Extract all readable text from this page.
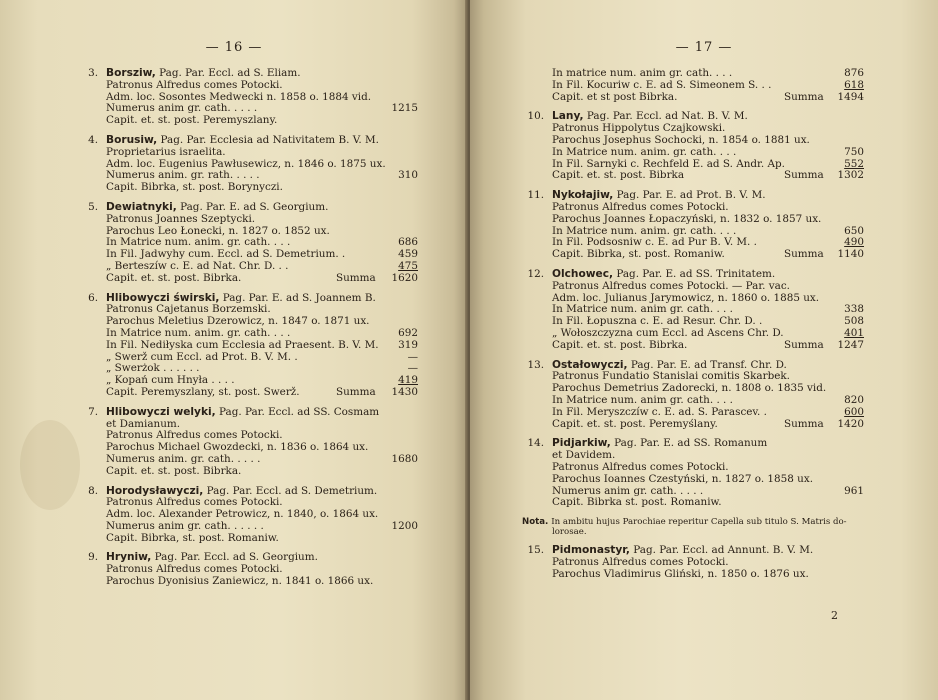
— 16 —
3. Borsziw, Pag. Par. Eccl. ad S. Eliam.
Patronus Alfredus comes Potocki.
Adm. loc. Sosontes Medwecki n. 1858 o. 1884 vid.
Numerus anim gr. cath. . . . .	1215
Capit. et. st. post. Peremyszlany.
4. Borusiw, Pag. Par. Ecclesia ad Nativitatem B. V. M.
Proprietarius israelita.
Adm. loc. Eugenius Pawłusewicz, n. 1846 o. 1875 ux.
Numerus anim. gr. rath. . . . .	310
Capit. Bibrka, st. post. Borynyczi.
5. Dewiatnyki, Pag. Par. E. ad S. Georgium.
Patronus Joannes Szeptycki.
Parochus Leo Łonecki, n. 1827 o. 1852 ux.
In Matrice num. anim. gr. cath. . . .	686
In Fil. Jadwyhy cum. Eccl. ad S. Demetrium. .	459
„ Berteszíw c. E. ad Nat. Chr. D. . .	475
Capit. et. st. post. Bibrka.	Summa	1620
6. Hlibowyczi świrski, Pag. Par. E. ad S. Joannem B.
Patronus Cajetanus Borzemski.
Parochus Meletius Dzerowicz, n. 1847 o. 1871 ux.
In Matrice num. anim. gr. cath. . . .	692
In Fil. Nediłyska cum Ecclesia ad Praesent. B. V. M.	319
„ Swerž cum Eccl. ad Prot. B. V. M. .	—
„ Swerżok . . . . . .	—
„ Kopań cum Hnyła . . . .	419
Capit. Peremyszlany, st. post. Swerž.	Summa	1430
7. Hlibowyczi welyki, Pag. Par. Eccl. ad SS. Cosmam
et Damianum.
Patronus Alfredus comes Potocki.
Parochus Michael Gwozdecki, n. 1836 o. 1864 ux.
Numerus anim. gr. cath. . . . .	1680
Capit. et. st. post. Bibrka.
8. Horodysławyczi, Pag. Par. Eccl. ad S. Demetrium.
Patronus Alfredus comes Potocki.
Adm. loc. Alexander Petrowicz, n. 1840, o. 1864 ux.
Numerus anim gr. cath. . . . . .	1200
Capit. Bibrka, st. post. Romaniw.
9. Hryniw, Pag. Par. Eccl. ad S. Georgium.
Patronus Alfredus comes Potocki.
Parochus Dyonisius Zaniewicz, n. 1841 o. 1866 ux.
— 17 —
In matrice num. anim gr. cath. . . .	876
In Fil. Kocuriw c. E. ad S. Simeonem S. . .	618
Capit. et st post Bibrka.	Summa	1494
10. Lany, Pag. Par. Eccl. ad Nat. B. V. M.
Patronus Hippolytus Czajkowski.
Parochus Josephus Sochocki, n. 1854 o. 1881 ux.
In Matrice num. anim. gr. cath. . . .	750
In Fil. Sarnyki c. Rechfeld E. ad S. Andr. Ap.	552
Capit. et. st. post. Bibrka	Summa	1302
11. Nykołajiw, Pag. Par. E. ad Prot. B. V. M.
Patronus Alfredus comes Potocki.
Parochus Joannes Łopaczyński, n. 1832 o. 1857 ux.
In Matrice num. anim. gr. cath. . . .	650
In Fil. Podsosniw c. E. ad Pur B. V. M. .	490
Capit. Bibrka, st. post. Romaniw.	Summa	1140
12. Olchowec, Pag. Par. E. ad SS. Trinitatem.
Patronus Alfredus comes Potocki. — Par. vac.
Adm. loc. Julianus Jarymowicz, n. 1860 o. 1885 ux.
In Matrice num. anim gr. cath. . . .	338
In Fil. Łopuszna c. E. ad Resur. Chr. D. .	508
„ Wołoszczyzna cum Eccl. ad Ascens Chr. D.	401
Capit. et. st. post. Bibrka.	Summa	1247
13. Ostałowyczi, Pag. Par. E. ad Transf. Chr. D.
Patronus Fundatio Stanislai comitis Skarbek.
Parochus Demetrius Zadorecki, n. 1808 o. 1835 vid.
In Matrice num. anim gr. cath. . . .	820
In Fil. Meryszczíw c. E. ad. S. Parascev. .	600
Capit. et. st. post. Peremyślany.	Summa	1420
14. Pidjarkiw, Pag. Par. E. ad SS. Romanum
et Davidem.
Patronus Alfredus comes Potocki.
Parochus Ioannes Czestyński, n. 1827 o. 1858 ux.
Numerus anim gr. cath. . . . .	961
Capit. Bibrka st. post. Romaniw.
Nota. In ambitu hujus Parochiae reperitur Capella sub titulo S. Matris do-
lorosae.
15. Pidmonastyr, Pag. Par. Eccl. ad Annunt. B. V. M.
Patronus Alfredus comes Potocki.
Parochus Vladimirus Gliński, n. 1850 o. 1876 ux.
2
